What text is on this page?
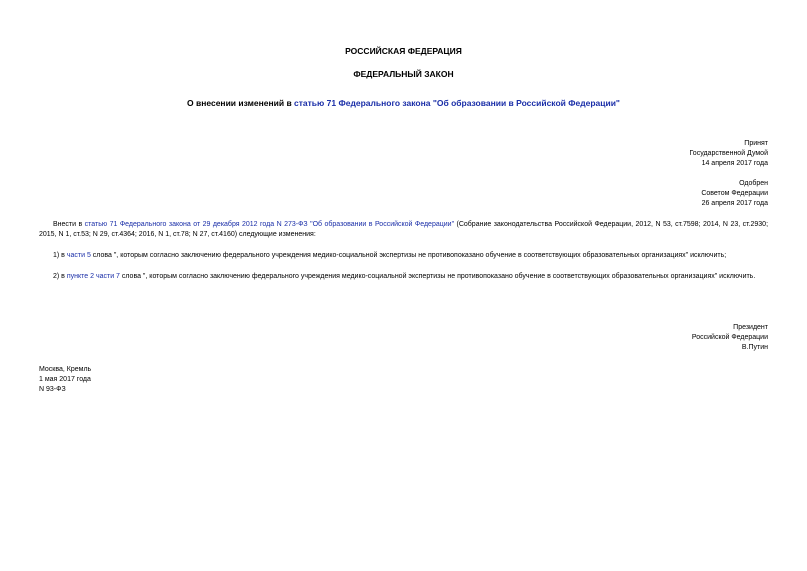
РОССИЙСКАЯ ФЕДЕРАЦИЯ
ФЕДЕРАЛЬНЫЙ ЗАКОН
О внесении изменений в статью 71 Федерального закона "Об образовании в Российской Федерации"
Принят
Государственной Думой
14 апреля 2017 года
Одобрен
Советом Федерации
26 апреля 2017 года
Внести в статью 71 Федерального закона от 29 декабря 2012 года N 273-ФЗ "Об образовании в Российской Федерации" (Собрание законодательства Российской Федерации, 2012, N 53, ст.7598; 2014, N 23, ст.2930; 2015, N 1, ст.53; N 29, ст.4364; 2016, N 1, ст.78; N 27, ст.4160) следующие изменения:
1) в части 5 слова ", которым согласно заключению федерального учреждения медико-социальной экспертизы не противопоказано обучение в соответствующих образовательных организациях" исключить;
2) в пункте 2 части 7 слова ", которым согласно заключению федерального учреждения медико-социальной экспертизы не противопоказано обучение в соответствующих образовательных организациях" исключить.
Президент
Российской Федерации
В.Путин
Москва, Кремль
1 мая 2017 года
N 93-ФЗ
